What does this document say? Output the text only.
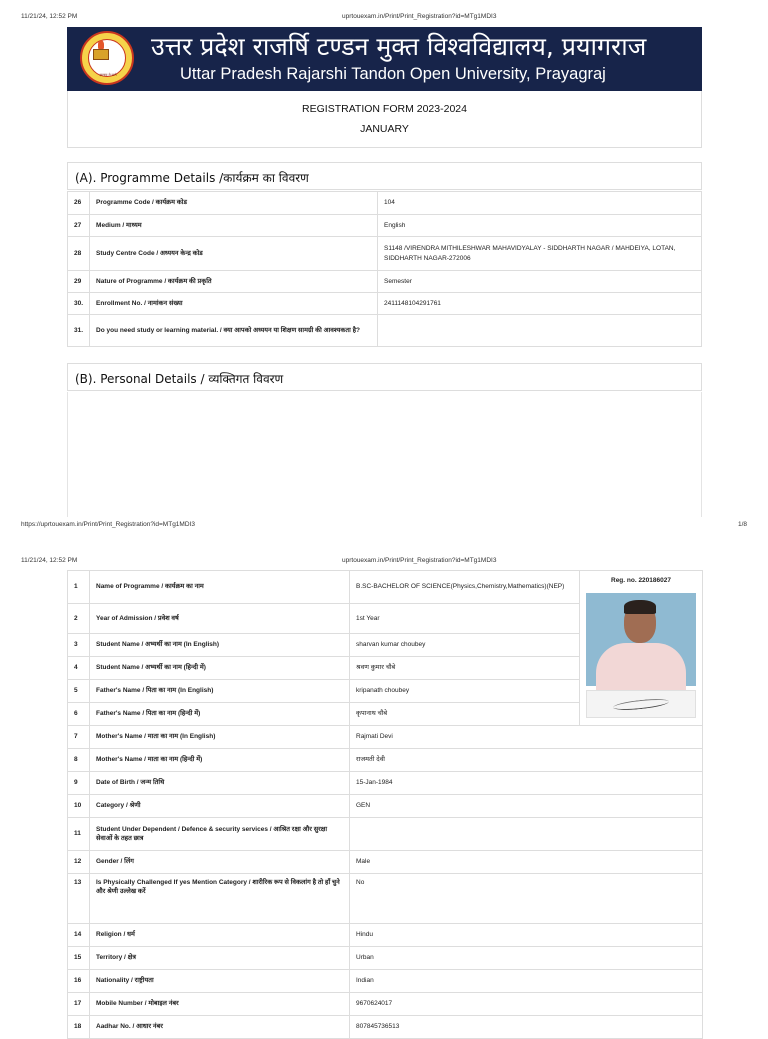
11/21/24, 12:52 PM	uprtouexam.in/Print/Print_Registration?id=MTg1MDI3
ज्ञानाय मे यत्ने
उत्तर प्रदेश राजर्षि टण्डन मुक्त विश्वविद्यालय, प्रयागराज
Uttar Pradesh Rajarshi Tandon Open University, Prayagraj
REGISTRATION FORM 2023-2024
JANUARY
(A). Programme Details /कार्यक्रम का विवरण
26	Programme Code / कार्यक्रम कोड	104
27	Medium / माध्यम	English
28	Study Centre Code / अध्ययन केन्द्र कोड	S1148 /VIRENDRA MITHILESHWAR MAHAVIDYALAY - SIDDHARTH NAGAR / MAHDEIYA, LOTAN, SIDDHARTH NAGAR-272006
29	Nature of Programme / कार्यक्रम की प्रकृति	Semester
30.	Enrollment No. / नामांकन संख्या	2411148104291761
31.	Do you need study or learning material. / क्या आपको अध्ययन या शिक्षण सामग्री की आवश्यकता है?	
(B). Personal Details / व्यक्तिगत विवरण
https://uprtouexam.in/Print/Print_Registration?id=MTg1MDI3	1/8
11/21/24, 12:52 PM	uprtouexam.in/Print/Print_Registration?id=MTg1MDI3
1	Name of Programme / कार्यक्रम का नाम	B.SC-BACHELOR OF SCIENCE(Physics,Chemistry,Mathematics)(NEP)	Reg. no. 220186027

2	Year of Admission / प्रवेश वर्ष	1st Year	
3	Student Name / अभ्यर्थी का नाम (In English)	sharvan kumar choubey	
4	Student Name / अभ्यर्थी का नाम (हिन्दी में)	श्रवण कुमार चौबे	
5	Father's Name / पिता का नाम (In English)	kripanath choubey	
6	Father's Name / पिता का नाम (हिन्दी में)	कृपानाथ चौबे	
7	Mother's Name / माता का नाम (In English)	Rajmati Devi	
8	Mother's Name / माता का नाम (हिन्दी में)	राजमती देवी	
9	Date of Birth / जन्म तिथि	15-Jan-1984	
10	Category / श्रेणी	GEN	
11	Student Under Dependent / Defence & security services / आश्रित रक्षा और सुरक्षा सेवाओं के तहत छात्र		
12	Gender / लिंग	Male	
13	Is Physically Challenged If yes Mention Category / शारीरिक रूप से विकलांग है तो हाँ चुने और श्रेणी उल्लेख करें	No	
14	Religion / धर्म	Hindu	
15	Territory / क्षेत्र	Urban	
16	Nationality / राष्ट्रीयता	Indian	
17	Mobile Number / मोबाइल नंबर	9670624017	
18	Aadhar No. / आधार नंबर	807845736513	
